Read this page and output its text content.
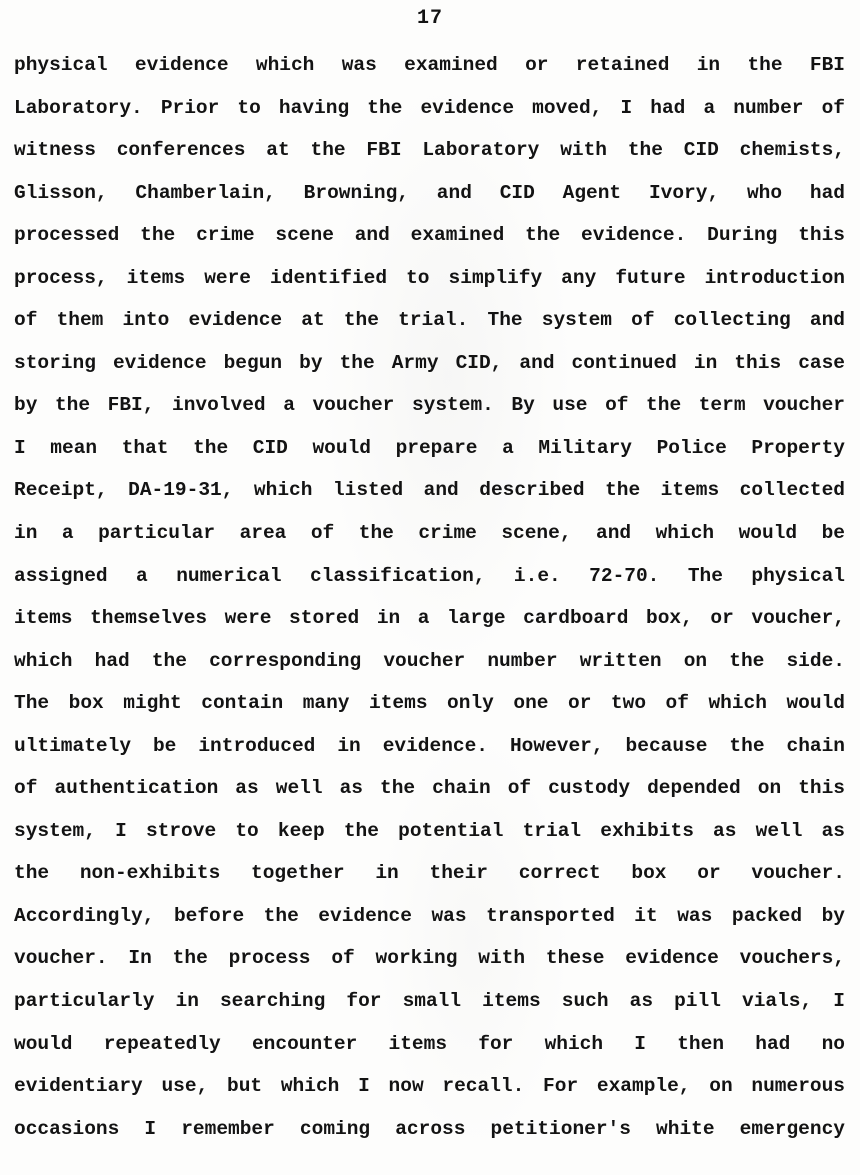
17
physical evidence which was examined or retained in the FBI
Laboratory. Prior to having the evidence moved, I had a number of
witness conferences at the FBI Laboratory with the CID chemists,
Glisson, Chamberlain, Browning, and CID Agent Ivory, who had
processed the crime scene and examined the evidence. During this
process, items were identified to simplify any future introduction
of them into evidence at the trial. The system of collecting and
storing evidence begun by the Army CID, and continued in this case
by the FBI, involved a voucher system. By use of the term voucher
I mean that the CID would prepare a Military Police Property
Receipt, DA-19-31, which listed and described the items collected
in a particular area of the crime scene, and which would be
assigned a numerical classification, i.e. 72-70. The physical
items themselves were stored in a large cardboard box, or voucher,
which had the corresponding voucher number written on the side.
The box might contain many items only one or two of which would
ultimately be introduced in evidence. However, because the chain
of authentication as well as the chain of custody depended on this
system, I strove to keep the potential trial exhibits as well as
the non-exhibits together in their correct box or voucher.
Accordingly, before the evidence was transported it was packed by
voucher. In the process of working with these evidence vouchers,
particularly in searching for small items such as pill vials, I
would repeatedly encounter items for which I then had no
evidentiary use, but which I now recall. For example, on numerous
occasions I remember coming across petitioner's white emergency
